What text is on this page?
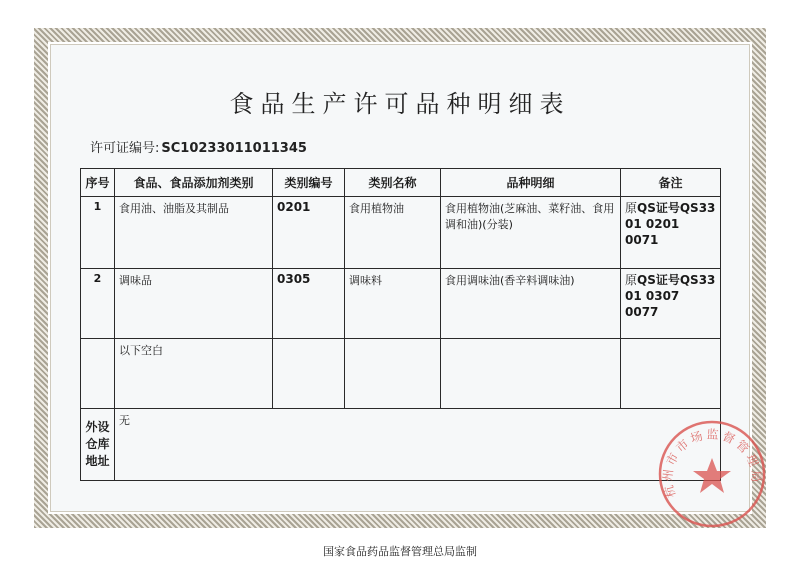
食品生产许可品种明细表
许可证编号: SC10233011011345
序号	食品、食品添加剂类别	类别编号	类别名称	品种明细	备注
1	食用油、油脂及其制品	0201	食用植物油	食用植物油(芝麻油、菜籽油、食用调和油)(分装)	原QS证号QS33
01 0201 0071
2	调味品	0305	调味料	食用调味油(香辛料调味油)	原QS证号QS33
01 0307 0077
	以下空白				
外设仓库地址	无				
杭州市市场监督管理局
国家食品药品监督管理总局监制
